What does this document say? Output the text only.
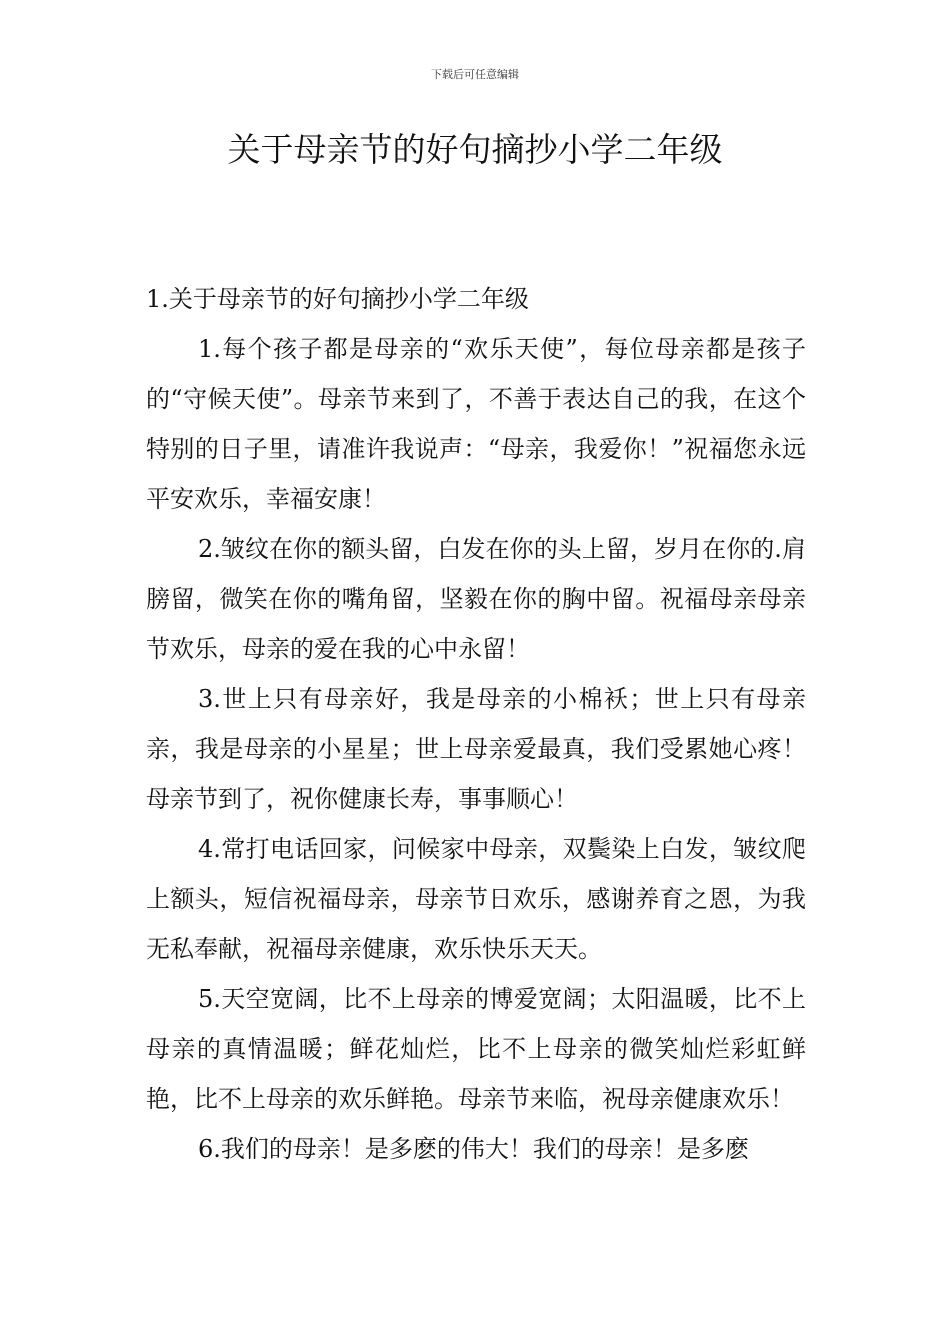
下载后可任意编辑
关于母亲节的好句摘抄小学二年级

1.关于母亲节的好句摘抄小学二年级

1.每个孩子都是母亲的“欢乐天使”，每位母亲都是孩子的“守候天使”。母亲节来到了，不善于表达自己的我，在这个特别的日子里，请准许我说声：“母亲，我爱你！”祝福您永远平安欢乐，幸福安康！

2.皱纹在你的额头留，白发在你的头上留，岁月在你的.肩膀留，微笑在你的嘴角留，坚毅在你的胸中留。祝福母亲母亲节欢乐，母亲的爱在我的心中永留！

3.世上只有母亲好，我是母亲的小棉袄；世上只有母亲亲，我是母亲的小星星；世上母亲爱最真，我们受累她心疼！母亲节到了，祝你健康长寿，事事顺心！

4.常打电话回家，问候家中母亲，双鬓染上白发，皱纹爬上额头，短信祝福母亲，母亲节日欢乐，感谢养育之恩，为我无私奉献，祝福母亲健康，欢乐快乐天天。

5.天空宽阔，比不上母亲的博爱宽阔；太阳温暖，比不上母亲的真情温暖；鲜花灿烂，比不上母亲的微笑灿烂彩虹鲜艳，比不上母亲的欢乐鲜艳。母亲节来临，祝母亲健康欢乐！

6.我们的母亲！是多麽的伟大！我们的母亲！是多麽
